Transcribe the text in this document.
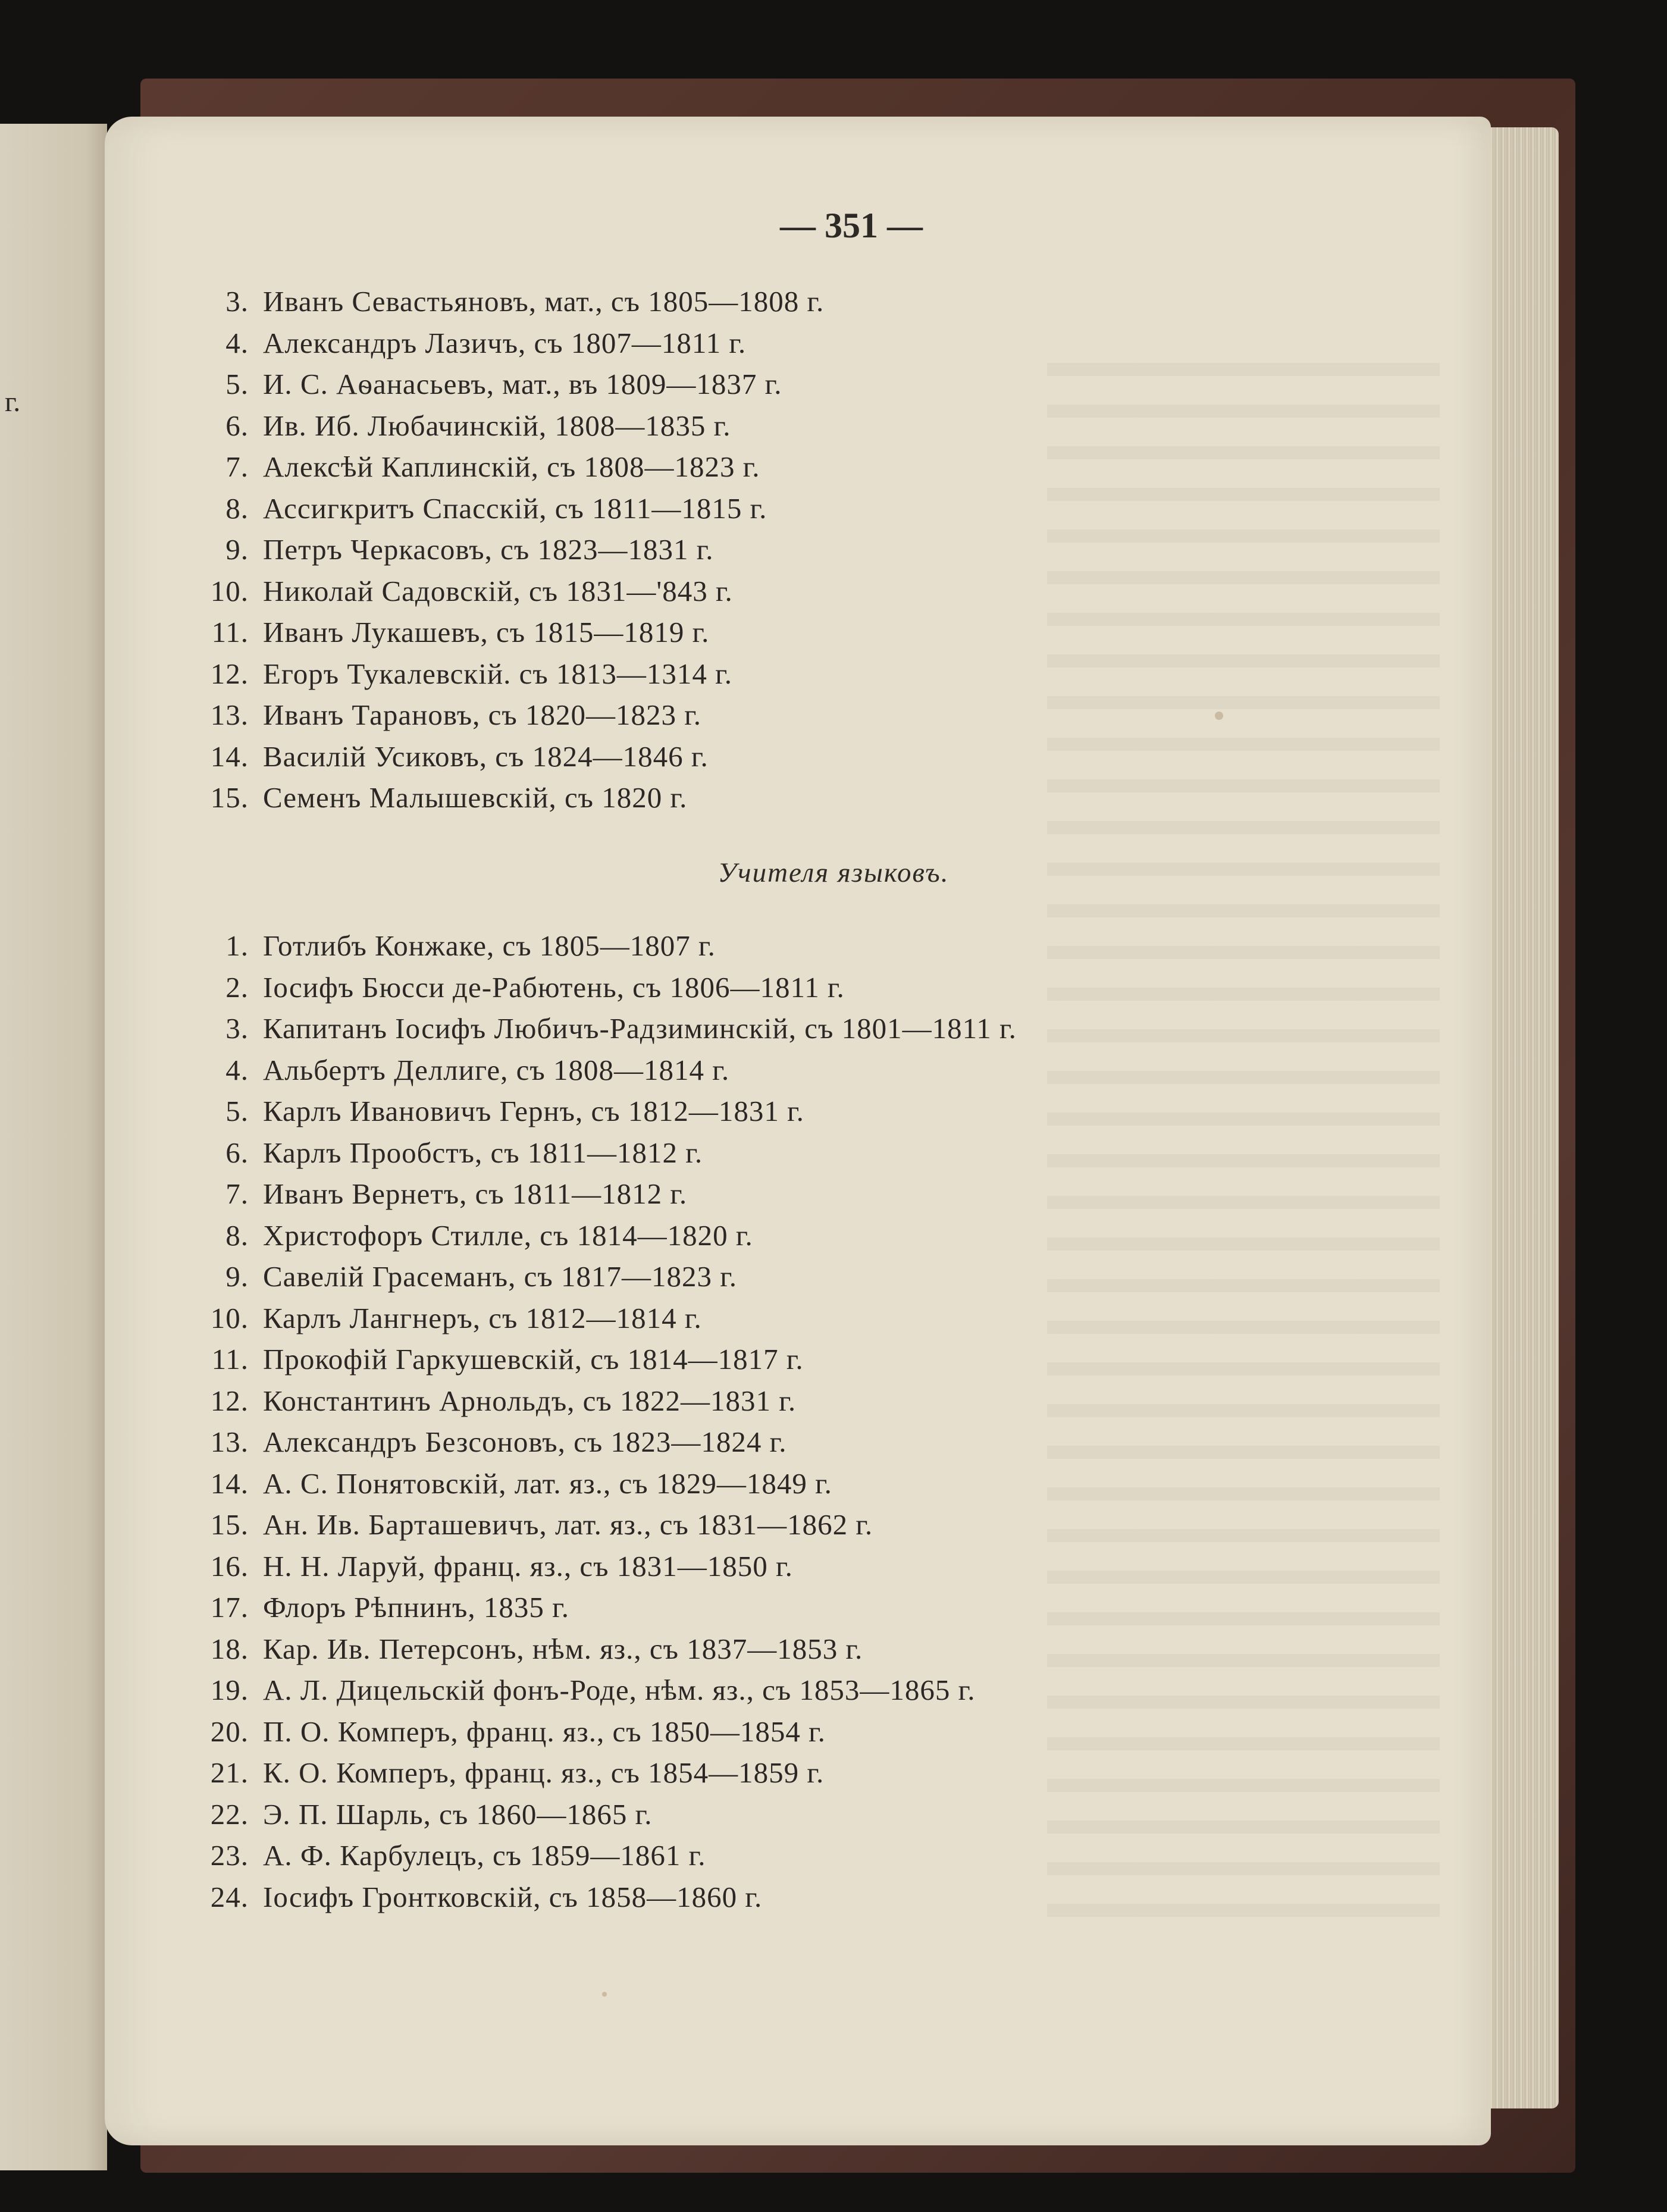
г.
— 351 —
3. Иванъ Севастьяновъ, мат., съ 1805—1808 г.
4. Александръ Лазичъ, съ 1807—1811 г.
5. И. С. Аѳанасьевъ, мат., въ 1809—1837 г.
6. Ив. Иб. Любачинскій, 1808—1835 г.
7. Алексѣй Каплинскій, съ 1808—1823 г.
8. Ассигкритъ Спасскій, съ 1811—1815 г.
9. Петръ Черкасовъ, съ 1823—1831 г.
10. Николай Садовскій, съ 1831—'843 г.
11. Иванъ Лукашевъ, съ 1815—1819 г.
12. Егоръ Тукалевскій. съ 1813—1314 г.
13. Иванъ Тарановъ, съ 1820—1823 г.
14. Василій Усиковъ, съ 1824—1846 г.
15. Семенъ Малышевскій, съ 1820 г.
Учителя языковъ.
1. Готлибъ Конжаке, съ 1805—1807 г.
2. Іосифъ Бюсси де-Рабютень, съ 1806—1811 г.
3. Капитанъ Іосифъ Любичъ-Радзиминскій, съ 1801—1811 г.
4. Альбертъ Деллиге, съ 1808—1814 г.
5. Карлъ Ивановичъ Гернъ, съ 1812—1831 г.
6. Карлъ Прообстъ, съ 1811—1812 г.
7. Иванъ Вернетъ, съ 1811—1812 г.
8. Христофоръ Стилле, съ 1814—1820 г.
9. Савелій Грасеманъ, съ 1817—1823 г.
10. Карлъ Лангнеръ, съ 1812—1814 г.
11. Прокофій Гаркушевскій, съ 1814—1817 г.
12. Константинъ Арнольдъ, съ 1822—1831 г.
13. Александръ Безсоновъ, съ 1823—1824 г.
14. А. С. Понятовскій, лат. яз., съ 1829—1849 г.
15. Ан. Ив. Барташевичъ, лат. яз., съ 1831—1862 г.
16. Н. Н. Ларуй, франц. яз., съ 1831—1850 г.
17. Флоръ Рѣпнинъ, 1835 г.
18. Кар. Ив. Петерсонъ, нѣм. яз., съ 1837—1853 г.
19. А. Л. Дицельскій фонъ-Роде, нѣм. яз., съ 1853—1865 г.
20. П. О. Комперъ, франц. яз., съ 1850—1854 г.
21. К. О. Комперъ, франц. яз., съ 1854—1859 г.
22. Э. П. Шарль, съ 1860—1865 г.
23. А. Ф. Карбулецъ, съ 1859—1861 г.
24. Іосифъ Гронтковскій, съ 1858—1860 г.
